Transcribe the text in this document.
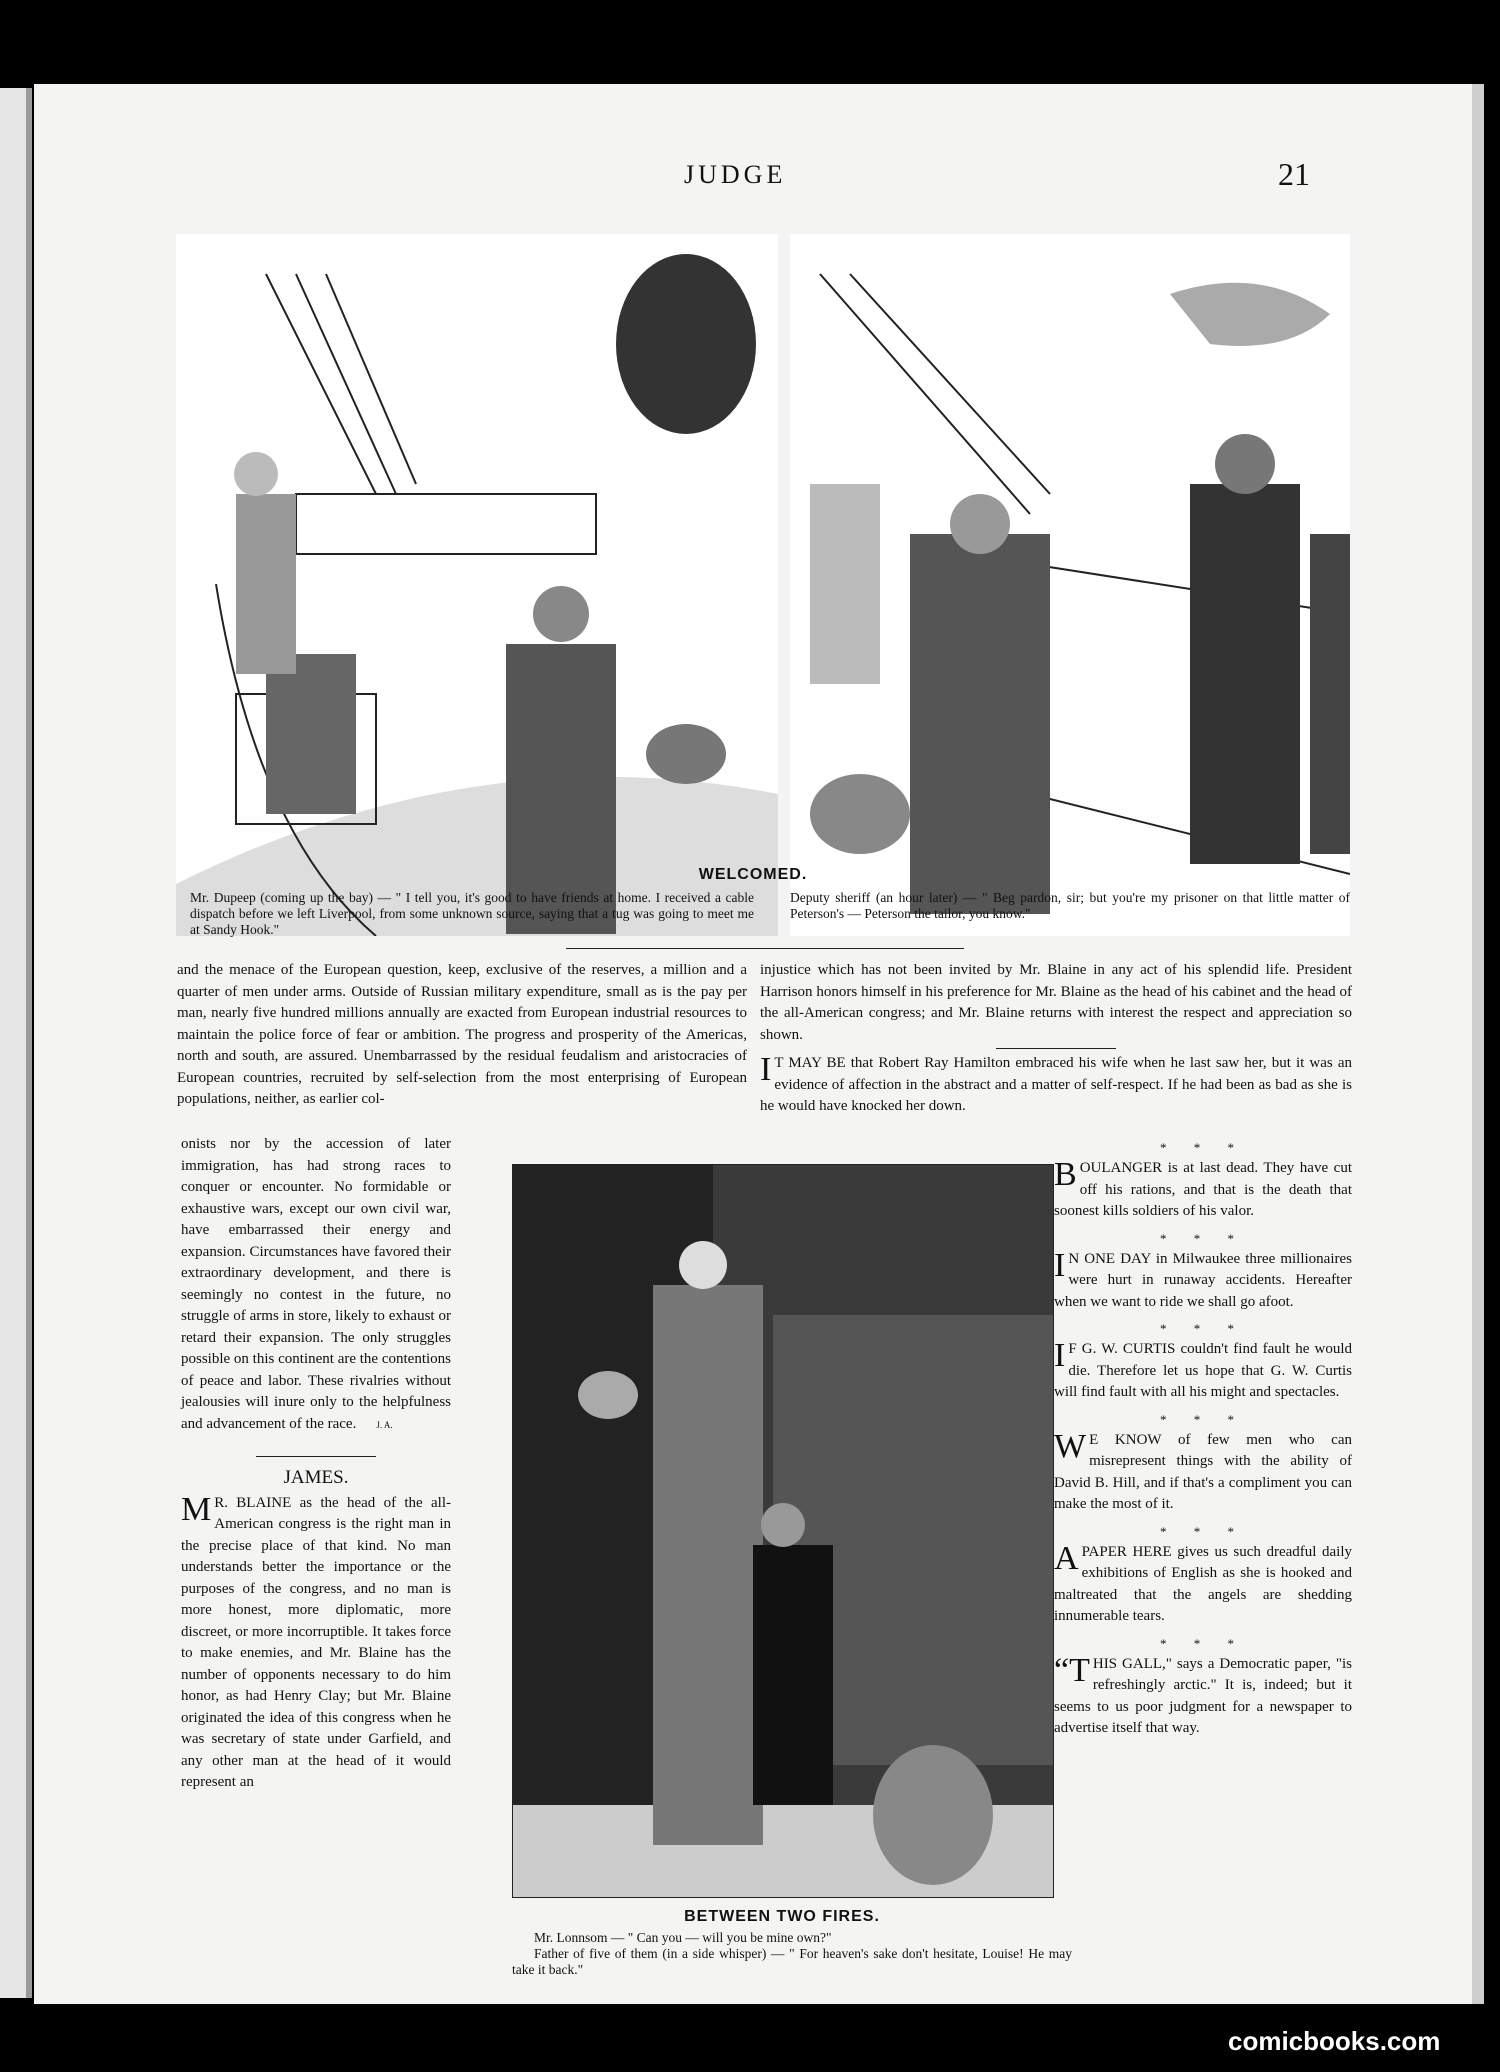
JUDGE	21
WELCOMED.
Mr. Dupeep (coming up the bay) — " I tell you, it's good to have friends at home. I received a cable dispatch before we left Liverpool, from some unknown source, saying that a tug was going to meet me at Sandy Hook."
Deputy sheriff (an hour later) — " Beg pardon, sir; but you're my prisoner on that little matter of Peterson's — Peterson the tailor, you know."

and the menace of the European question, keep, exclusive of the reserves, a million and a quarter of men under arms. Outside of Russian military expenditure, small as is the pay per man, nearly five hundred millions annually are exacted from European industrial resources to maintain the police force of fear or ambition. The progress and prosperity of the Americas, north and south, are assured. Unembarrassed by the residual feudalism and aristocracies of European countries, recruited by self-selection from the most enterprising of European populations, neither, as earlier col-

onists nor by the accession of later immigration, has had strong races to conquer or encounter. No formidable or exhaustive wars, except our own civil war, have embarrassed their energy and expansion. Circumstances have favored their extraordinary development, and there is seemingly no contest in the future, no struggle of arms in store, likely to exhaust or retard their expansion. The only struggles possible on this continent are the contentions of peace and labor. These rivalries without jealousies will inure only to the helpfulness and advancement of the race. J. A.

JAMES.

M R. BLAINE as the head of the all-American congress is the right man in the precise place of that kind. No man understands better the importance or the purposes of the congress, and no man is more honest, more diplomatic, more discreet, or more incorruptible. It takes force to make enemies, and Mr. Blaine has the number of opponents necessary to do him honor, as had Henry Clay; but Mr. Blaine originated the idea of this congress when he was secretary of state under Garfield, and any other man at the head of it would represent an

injustice which has not been invited by Mr. Blaine in any act of his splendid life. President Harrison honors himself in his preference for Mr. Blaine as the head of his cabinet and the head of the all-American congress; and Mr. Blaine returns with interest the respect and appreciation so shown.

I T MAY BE that Robert Ray Hamilton embraced his wife when he last saw her, but it was an evidence of affection in the abstract and a matter of self-respect. If he had been as bad as she is he would have knocked her down.

* * *

BOULANGER is at last dead. They have cut off his rations, and that is the death that soonest kills soldiers of his valor.

* * *

I N ONE DAY in Milwaukee three millionaires were hurt in runaway accidents. Hereafter when we want to ride we shall go afoot.

* * *

I F G. W. CURTIS couldn't find fault he would die. Therefore let us hope that G. W. Curtis will find fault with all his might and spectacles.

* * *

W E KNOW of few men who can misrepresent things with the ability of David B. Hill, and if that's a compliment you can make the most of it.

* * *

A PAPER HERE gives us such dreadful daily exhibitions of English as she is hooked and maltreated that the angels are shedding innumerable tears.

* * *

“THIS GALL," says a Democratic paper, "is refreshingly arctic." It is, indeed; but it seems to us poor judgment for a newspaper to advertise itself that way.

BETWEEN TWO FIRES.
Mr. Lonnsom — " Can you — will you be mine own?"
Father of five of them (in a side whisper) — " For heaven's sake don't hesitate, Louise! He may take it back."
comicbooks.com
